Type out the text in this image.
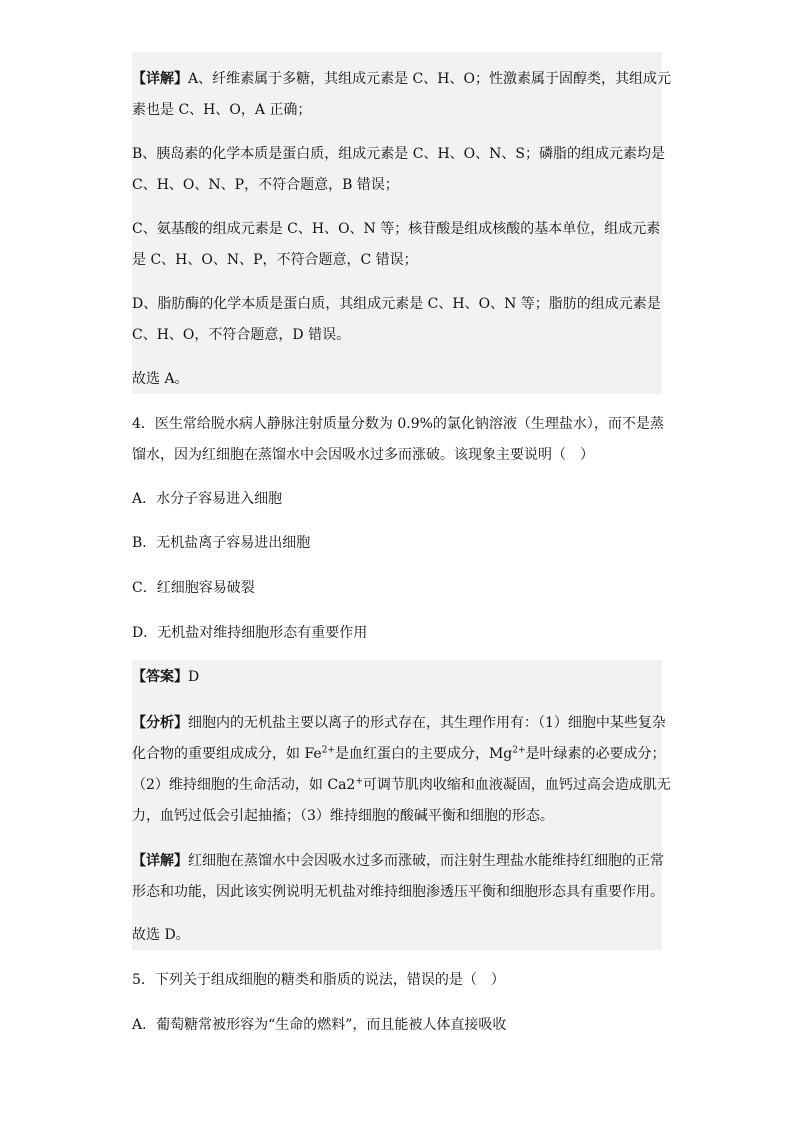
【详解】A、纤维素属于多糖，其组成元素是 C、H、O；性激素属于固醇类，其组成元素也是 C、H、O，A 正确；

B、胰岛素的化学本质是蛋白质，组成元素是 C、H、O、N、S；磷脂的组成元素均是 C、H、O、N、P，不符合题意，B 错误；

C、氨基酸的组成元素是 C、H、O、N 等；核苷酸是组成核酸的基本单位，组成元素是 C、H、O、N、P，不符合题意，C 错误；

D、脂肪酶的化学本质是蛋白质，其组成元素是 C、H、O、N 等；脂肪的组成元素是 C、H、O，不符合题意，D 错误。

故选 A。

4．医生常给脱水病人静脉注射质量分数为 0.9%的氯化钠溶液（生理盐水），而不是蒸馏水，因为红细胞在蒸馏水中会因吸水过多而涨破。该现象主要说明（　）

A．水分子容易进入细胞

B．无机盐离子容易进出细胞

C．红细胞容易破裂

D．无机盐对维持细胞形态有重要作用

【答案】D

【分析】细胞内的无机盐主要以离子的形式存在，其生理作用有：（1）细胞中某些复杂化合物的重要组成成分，如 $Fe^{2+}$是血红蛋白的主要成分，$Mg^{2+}$是叶绿素的必要成分；（2）维持细胞的生命活动，如 Ca2+可调节肌肉收缩和血液凝固，血钙过高会造成肌无力，血钙过低会引起抽搐；（3）维持细胞的酸碱平衡和细胞的形态。

【详解】红细胞在蒸馏水中会因吸水过多而涨破，而注射生理盐水能维持红细胞的正常形态和功能，因此该实例说明无机盐对维持细胞渗透压平衡和细胞形态具有重要作用。

故选 D。

5．下列关于组成细胞的糖类和脂质的说法，错误的是（　）

A．葡萄糖常被形容为“生命的燃料”，而且能被人体直接吸收
